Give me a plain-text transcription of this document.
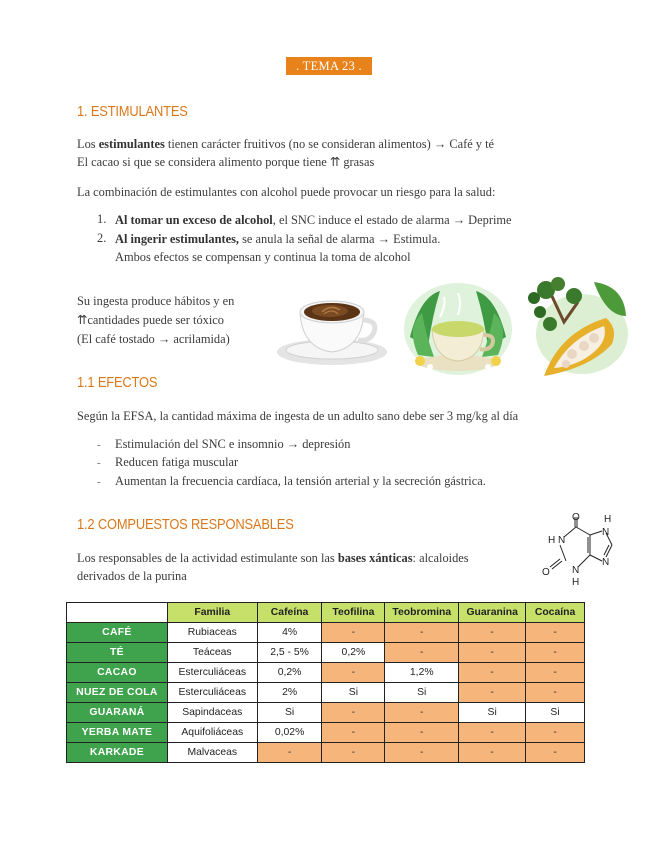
. TEMA 23 .
1. ESTIMULANTES
Los estimulantes tienen carácter fruitivos (no se consideran alimentos) → Café y té
El cacao si que se considera alimento porque tiene ⇈ grasas
La combinación de estimulantes con alcohol puede provocar un riesgo para la salud:
1. Al tomar un exceso de alcohol, el SNC induce el estado de alarma → Deprime
2. Al ingerir estimulantes, se anula la señal de alarma → Estimula.
Ambos efectos se compensan y continua la toma de alcohol
Su ingesta produce hábitos y en
⇈cantidades puede ser tóxico
(El café tostado → acrilamida)
1.1 EFECTOS
Según la EFSA, la cantidad máxima de ingesta de un adulto sano debe ser 3 mg/kg al día
- Estimulación del SNC e insomnio → depresión
- Reducen fatiga muscular
- Aumentan la frecuencia cardíaca, la tensión arterial y la secreción gástrica.
1.2 COMPUESTOS RESPONSABLES
Los responsables de la actividad estimulante son las bases xánticas: alcaloides
derivados de la purina
O
O
H
N
N
H N
N
H
	Familia	Cafeína	Teofilina	Teobromina	Guaranina	Cocaína
CAFÉ	Rubiaceas	4%	-	-	-	-
TÉ	Teáceas	2,5 - 5%	0,2%	-	-	-
CACAO	Esterculiáceas	0,2%	-	1,2%	-	-
NUEZ DE COLA	Esterculiáceas	2%	Si	Si	-	-
GUARANÁ	Sapindaceas	Si	-	-	Si	Si
YERBA MATE	Aquifoliáceas	0,02%	-	-	-	-
KARKADE	Malvaceas	-	-	-	-	-
